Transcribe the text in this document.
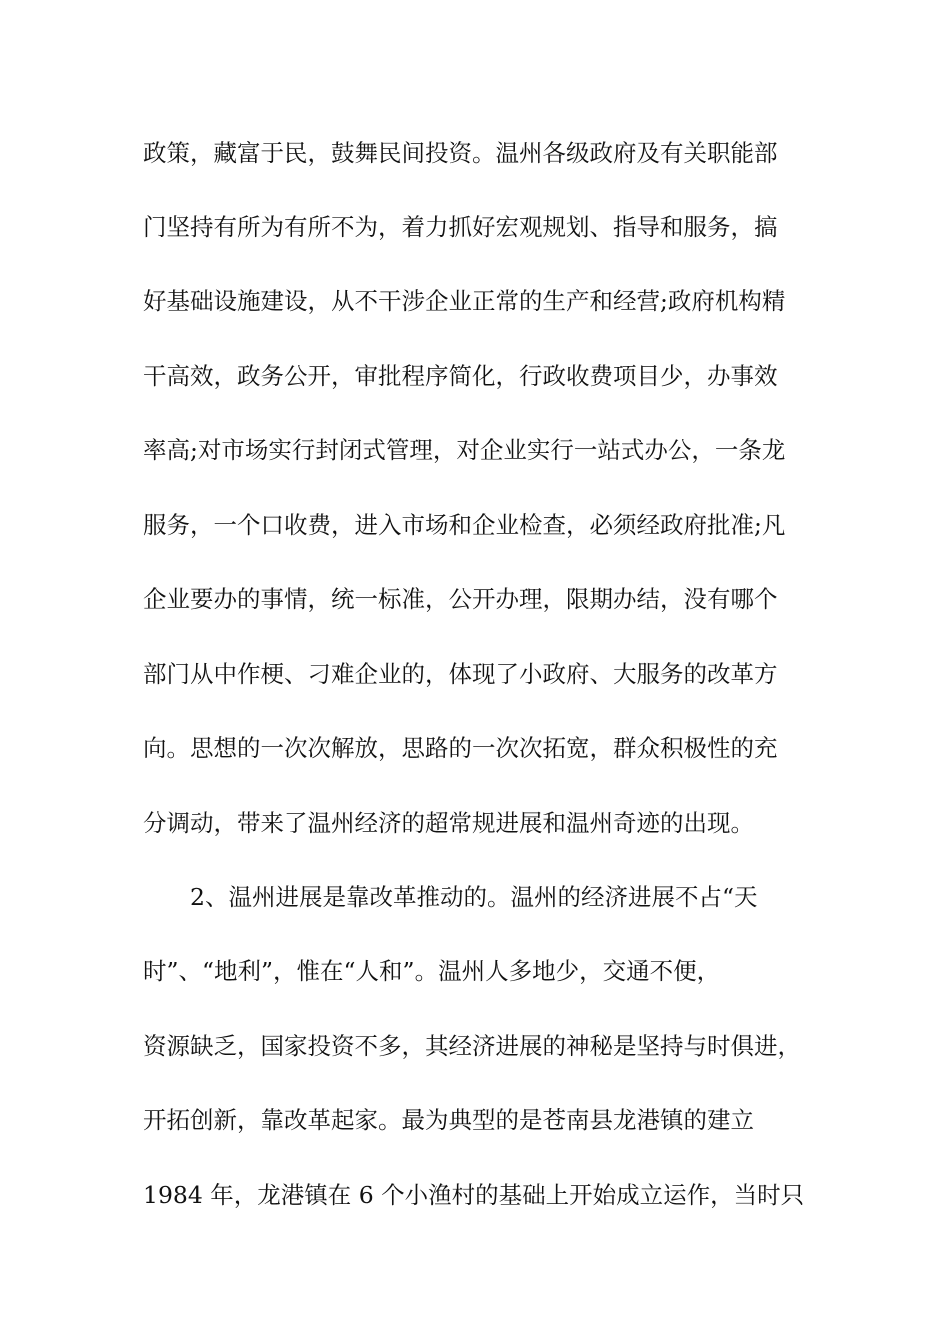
政策，藏富于民，鼓舞民间投资。温州各级政府及有关职能部
门坚持有所为有所不为，着力抓好宏观规划、指导和服务，搞
好基础设施建设，从不干涉企业正常的生产和经营;政府机构精
干高效，政务公开，审批程序简化，行政收费项目少，办事效
率高;对市场实行封闭式管理，对企业实行一站式办公，一条龙
服务，一个口收费，进入市场和企业检查，必须经政府批准;凡
企业要办的事情，统一标准，公开办理，限期办结，没有哪个
部门从中作梗、刁难企业的，体现了小政府、大服务的改革方
向。思想的一次次解放，思路的一次次拓宽，群众积极性的充
分调动，带来了温州经济的超常规进展和温州奇迹的出现。
2、温州进展是靠改革推动的。温州的经济进展不占“天
时”、“地利”，惟在“人和”。温州人多地少，交通不便，
资源缺乏，国家投资不多，其经济进展的神秘是坚持与时俱进，
开拓创新，靠改革起家。最为典型的是苍南县龙港镇的建立
1984 年，龙港镇在 6 个小渔村的基础上开始成立运作，当时只
